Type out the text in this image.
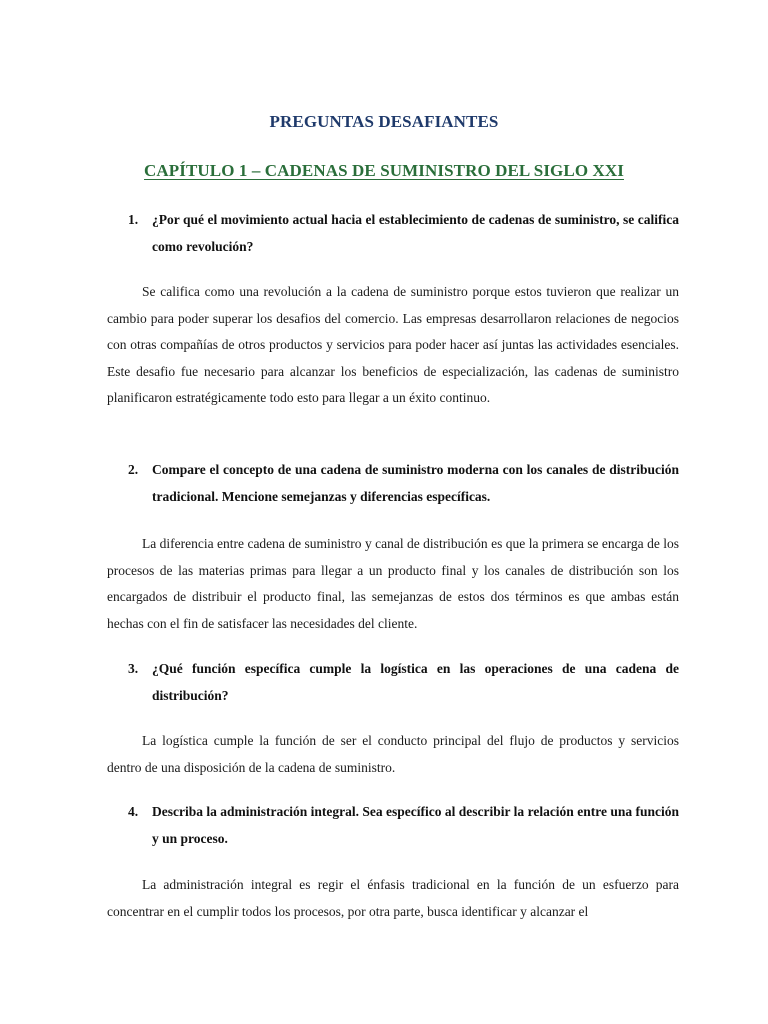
PREGUNTAS DESAFIANTES
CAPÍTULO 1 – CADENAS DE SUMINISTRO DEL SIGLO XXI
1.	¿Por qué el movimiento actual hacia el establecimiento de cadenas de suministro, se califica como revolución?
Se califica como una revolución a la cadena de suministro porque estos tuvieron que realizar un cambio para poder superar los desafios del comercio. Las empresas desarrollaron relaciones de negocios con otras compañías de otros productos y servicios para poder hacer así juntas las actividades esenciales. Este desafio fue necesario para alcanzar los beneficios de especialización, las cadenas de suministro planificaron estratégicamente todo esto para llegar a un éxito continuo.
2.	Compare el concepto de una cadena de suministro moderna con los canales de distribución tradicional. Mencione semejanzas y diferencias específicas.
La diferencia entre cadena de suministro y canal de distribución es que la primera se encarga de los procesos de las materias primas para llegar a un producto final y los canales de distribución son los encargados de distribuir el producto final, las semejanzas de estos dos términos es que ambas están hechas con el fin de satisfacer las necesidades del cliente.
3.	¿Qué función específica cumple la logística en las operaciones de una cadena de distribución?
La logística cumple la función de ser el conducto principal del flujo de productos y servicios dentro de una disposición de la cadena de suministro.
4.	Describa la administración integral. Sea específico al describir la relación entre una función y un proceso.
La administración integral es regir el énfasis tradicional en la función de un esfuerzo para concentrar en el cumplir todos los procesos, por otra parte, busca identificar y alcanzar el
